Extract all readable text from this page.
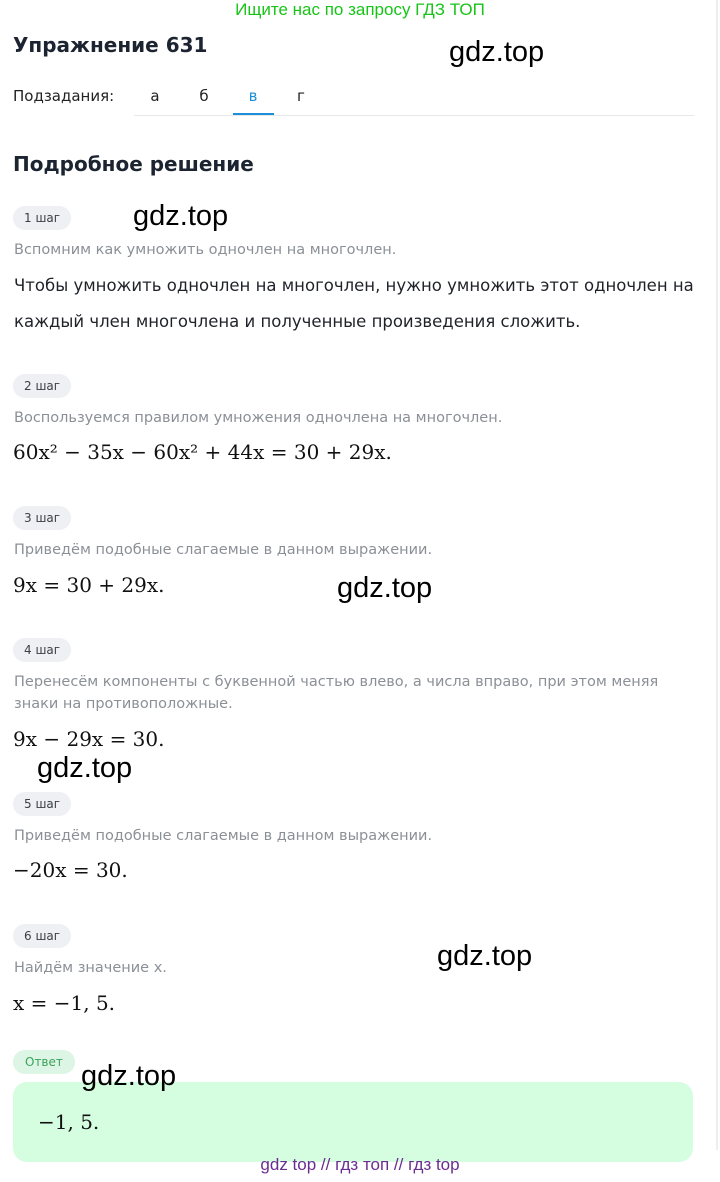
Ищите нас по запросу ГДЗ ТОП
Упражнение 631	gdz.top
Подзадания:	а	б	в	г
Подробное решение
1 шаг	gdz.top
Вспомним как умножить одночлен на многочлен.
Чтобы умножить одночлен на многочлен, нужно умножить этот одночлен на
каждый член многочлена и полученные произведения сложить.
2 шаг
Воспользуемся правилом умножения одночлена на многочлен.
60x² − 35x − 60x² + 44x = 30 + 29x.
3 шаг
Приведём подобные слагаемые в данном выражении.
9x = 30 + 29x.	gdz.top
4 шаг
Перенесём компоненты с буквенной частью влево, а числа вправо, при этом меняя
знаки на противоположные.
9x − 29x = 30.
gdz.top
5 шаг
Приведём подобные слагаемые в данном выражении.
−20x = 30.
6 шаг
Найдём значение x.
x = −1, 5.
gdz.top
Ответ
−1, 5.
gdz.top
gdz top // гдз топ // гдз top
